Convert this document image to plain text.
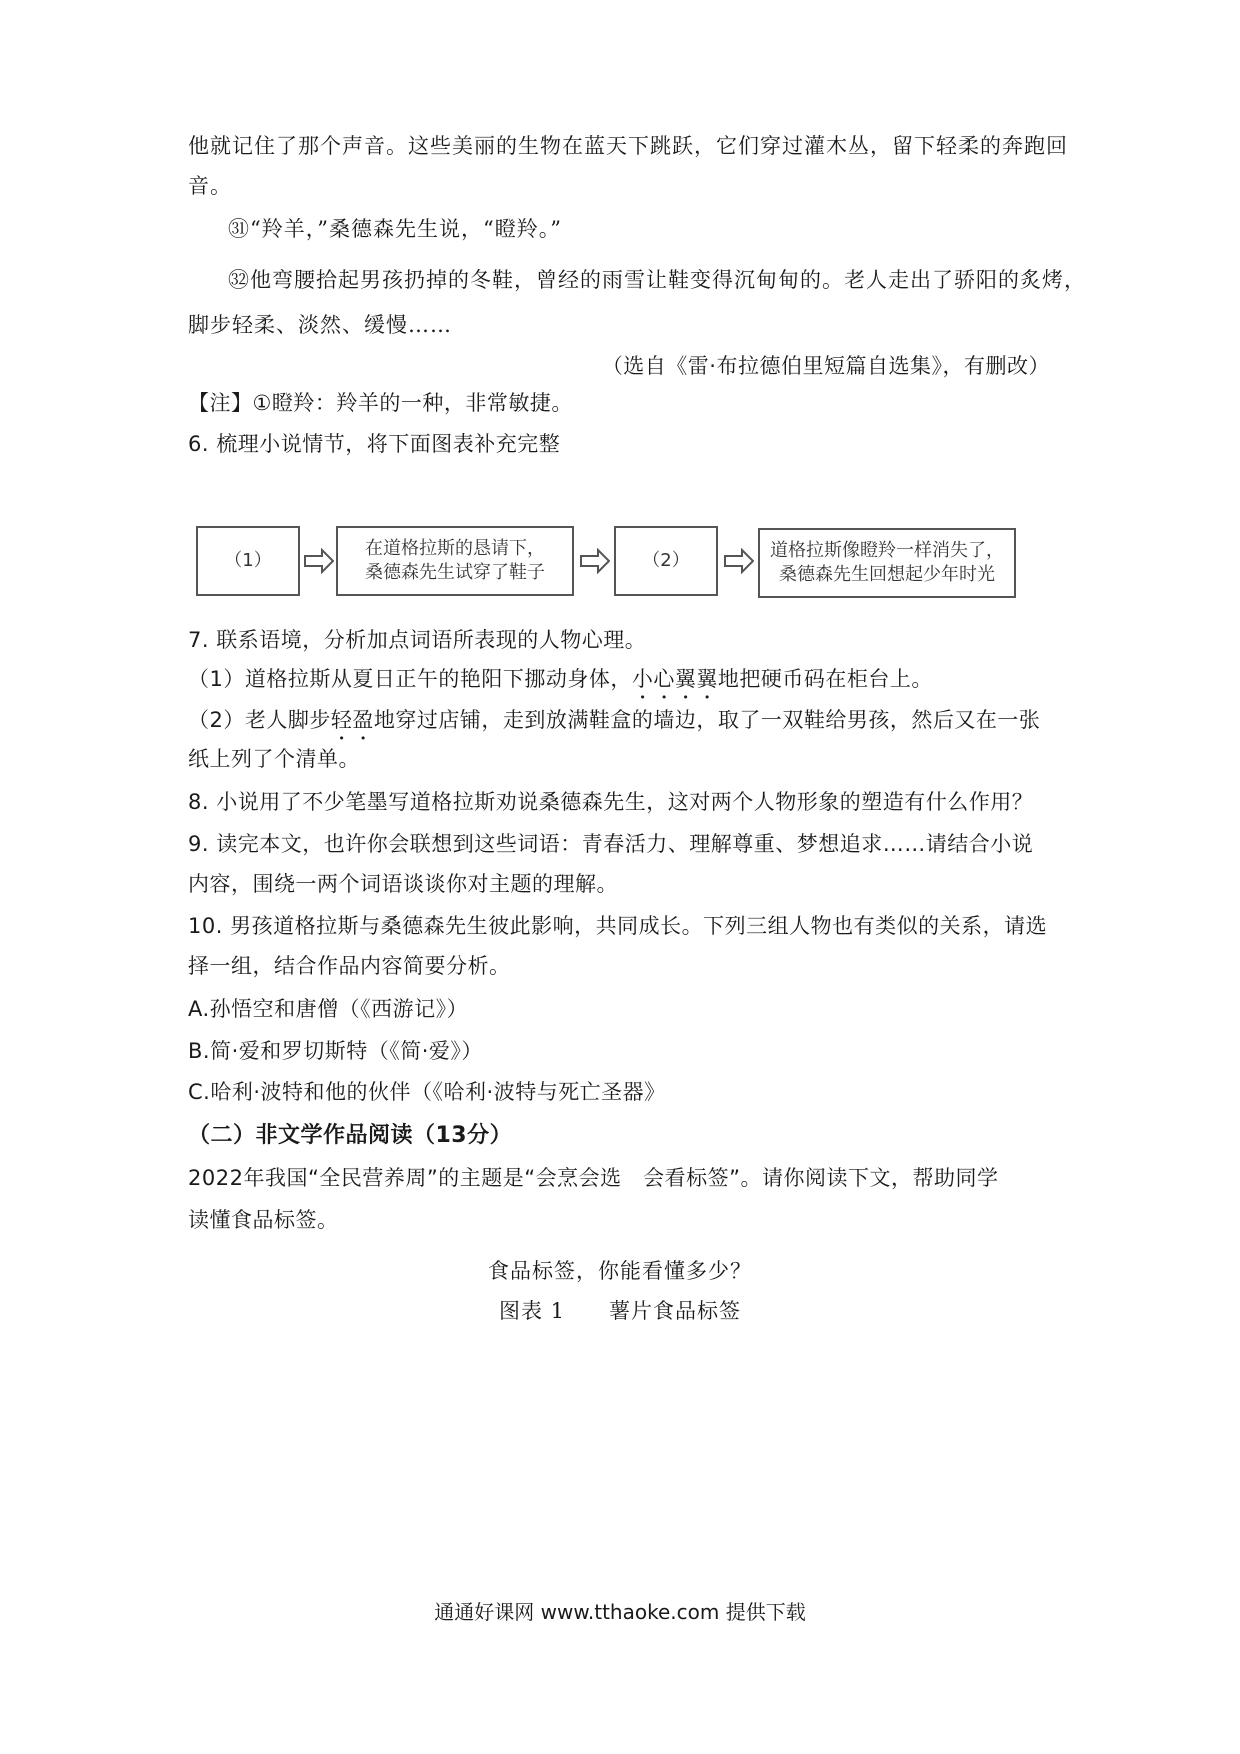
他就记住了那个声音。这些美丽的生物在蓝天下跳跃，它们穿过灌木丛，留下轻柔的奔跑回
音。
㉛“羚羊，”桑德森先生说，“瞪羚。”
㉜他弯腰拾起男孩扔掉的冬鞋，曾经的雨雪让鞋变得沉甸甸的。老人走出了骄阳的炙烤，
脚步轻柔、淡然、缓慢……
（选自《雷·布拉德伯里短篇自选集》，有删改）
【注】①瞪羚：羚羊的一种，非常敏捷。
6. 梳理小说情节，将下面图表补充完整
（1）
在道格拉斯的恳请下，
桑德森先生试穿了鞋子
（2）	道格拉斯像瞪羚一样消失了，
桑德森先生回想起少年时光
7. 联系语境，分析加点词语所表现的人物心理。
（1）道格拉斯从夏日正午的艳阳下挪动身体，小心翼翼地把硬币码在柜台上。
（2）老人脚步轻盈地穿过店铺，走到放满鞋盒的墙边，取了一双鞋给男孩，然后又在一张
纸上列了个清单。
8. 小说用了不少笔墨写道格拉斯劝说桑德森先生，这对两个人物形象的塑造有什么作用？
9. 读完本文，也许你会联想到这些词语：青春活力、理解尊重、梦想追求……请结合小说
内容，围绕一两个词语谈谈你对主题的理解。
10. 男孩道格拉斯与桑德森先生彼此影响，共同成长。下列三组人物也有类似的关系，请选
择一组，结合作品内容简要分析。
A.孙悟空和唐僧（《西游记》）
B.简·爱和罗切斯特（《简·爱》）
C.哈利·波特和他的伙伴（《哈利·波特与死亡圣器》
（二）非文学作品阅读（13分）
2022年我国“全民营养周”的主题是“会烹会选　会看标签”。请你阅读下文，帮助同学
读懂食品标签。
食品标签，你能看懂多少？
图表 1　　薯片食品标签
通通好课网 www.tthaoke.com 提供下载
